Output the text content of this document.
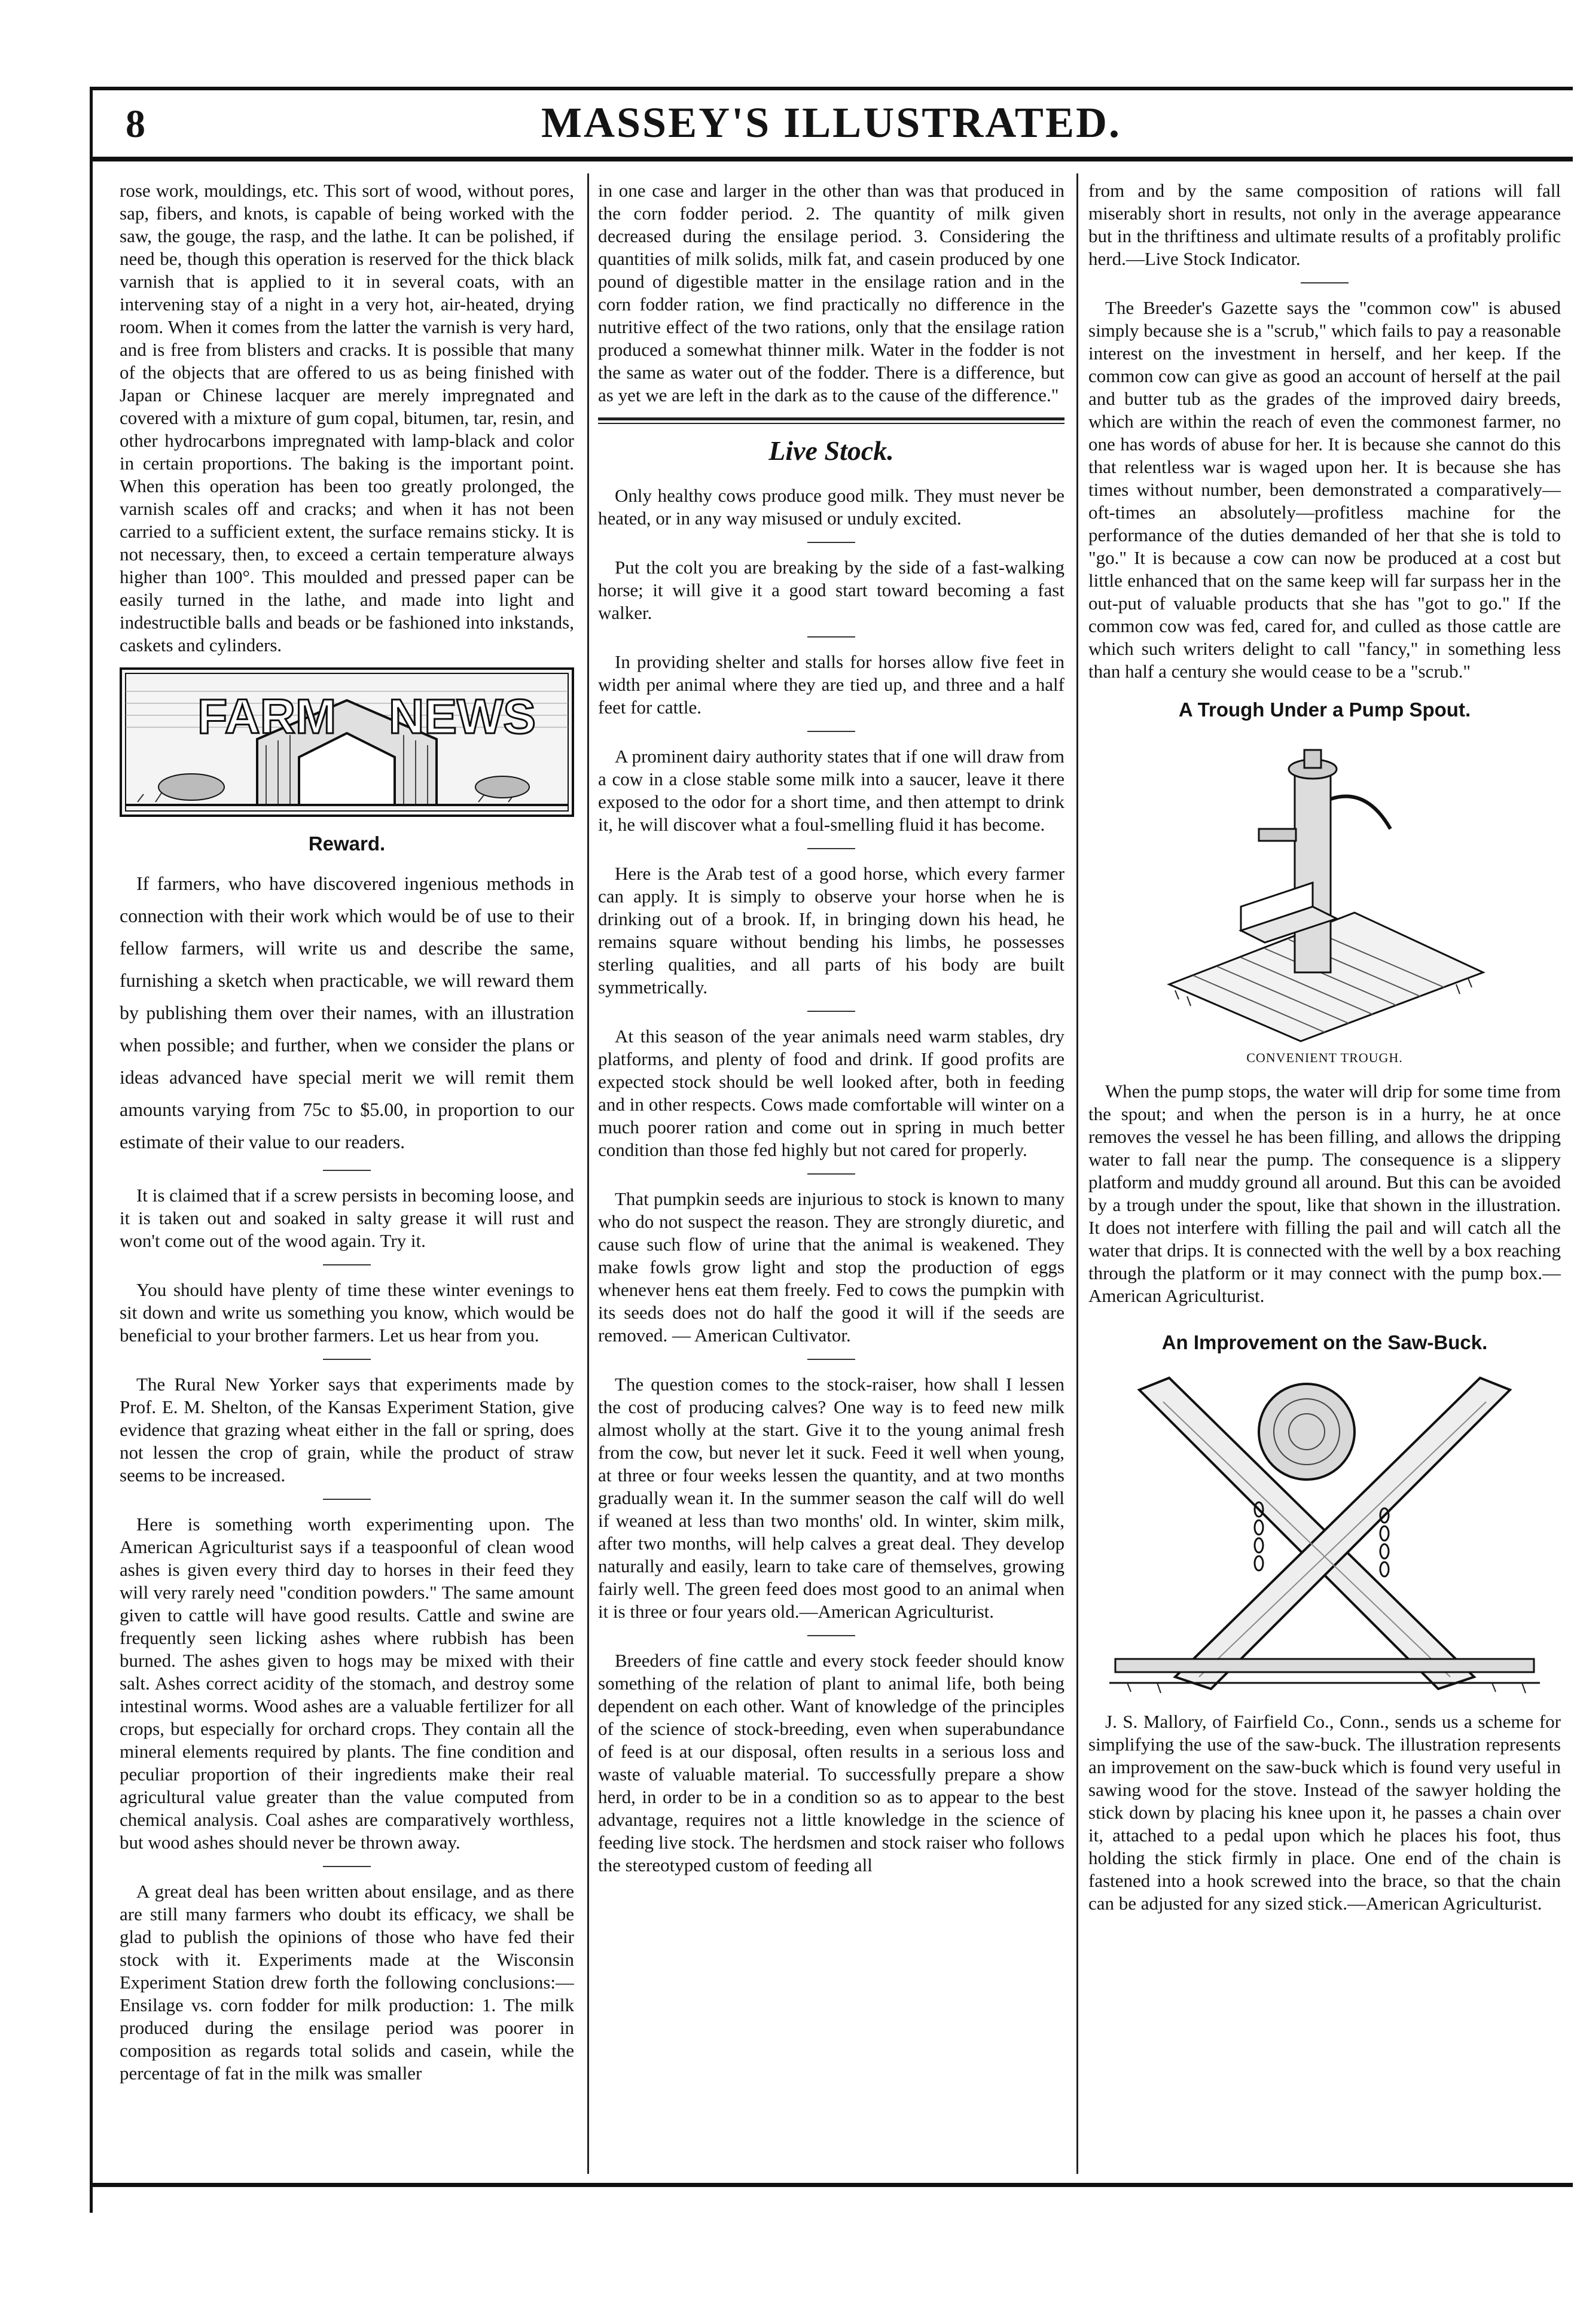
8	MASSEY'S ILLUSTRATED.

rose work, mouldings, etc. This sort of wood, without pores, sap, fibers, and knots, is capable of being worked with the saw, the gouge, the rasp, and the lathe. It can be polished, if need be, though this operation is reserved for the thick black varnish that is applied to it in several coats, with an intervening stay of a night in a very hot, air-heated, drying room. When it comes from the latter the varnish is very hard, and is free from blisters and cracks. It is possible that many of the objects that are offered to us as being finished with Japan or Chinese lacquer are merely impregnated and covered with a mixture of gum copal, bitumen, tar, resin, and other hydrocarbons impregnated with lamp-black and color in certain proportions. The baking is the important point. When this operation has been too greatly prolonged, the varnish scales off and cracks; and when it has not been carried to a sufficient extent, the surface remains sticky. It is not necessary, then, to exceed a certain temperature always higher than 100°. This moulded and pressed paper can be easily turned in the lathe, and made into light and indestructible balls and beads or be fashioned into inkstands, caskets and cylinders.

FARM NEWS
Reward.

If farmers, who have discovered ingenious methods in connection with their work which would be of use to their fellow farmers, will write us and describe the same, furnishing a sketch when practicable, we will reward them by publishing them over their names, with an illustration when possible; and further, when we consider the plans or ideas advanced have special merit we will remit them amounts varying from 75c to $5.00, in proportion to our estimate of their value to our readers.

It is claimed that if a screw persists in becoming loose, and it is taken out and soaked in salty grease it will rust and won't come out of the wood again. Try it.

You should have plenty of time these winter evenings to sit down and write us something you know, which would be beneficial to your brother farmers. Let us hear from you.

The Rural New Yorker says that experiments made by Prof. E. M. Shelton, of the Kansas Experiment Station, give evidence that grazing wheat either in the fall or spring, does not lessen the crop of grain, while the product of straw seems to be increased.

Here is something worth experimenting upon. The American Agriculturist says if a teaspoonful of clean wood ashes is given every third day to horses in their feed they will very rarely need "condition powders." The same amount given to cattle will have good results. Cattle and swine are frequently seen licking ashes where rubbish has been burned. The ashes given to hogs may be mixed with their salt. Ashes correct acidity of the stomach, and destroy some intestinal worms. Wood ashes are a valuable fertilizer for all crops, but especially for orchard crops. They contain all the mineral elements required by plants. The fine condition and peculiar proportion of their ingredients make their real agricultural value greater than the value computed from chemical analysis. Coal ashes are comparatively worthless, but wood ashes should never be thrown away.

A great deal has been written about ensilage, and as there are still many farmers who doubt its efficacy, we shall be glad to publish the opinions of those who have fed their stock with it. Experiments made at the Wisconsin Experiment Station drew forth the following conclusions:—Ensilage vs. corn fodder for milk production: 1. The milk produced during the ensilage period was poorer in composition as regards total solids and casein, while the percentage of fat in the milk was smaller

in one case and larger in the other than was that produced in the corn fodder period. 2. The quantity of milk given decreased during the ensilage period. 3. Considering the quantities of milk solids, milk fat, and casein produced by one pound of digestible matter in the ensilage ration and in the corn fodder ration, we find practically no difference in the nutritive effect of the two rations, only that the ensilage ration produced a somewhat thinner milk. Water in the fodder is not the same as water out of the fodder. There is a difference, but as yet we are left in the dark as to the cause of the difference."

Live Stock.

Only healthy cows produce good milk. They must never be heated, or in any way misused or unduly excited.

Put the colt you are breaking by the side of a fast-walking horse; it will give it a good start toward becoming a fast walker.

In providing shelter and stalls for horses allow five feet in width per animal where they are tied up, and three and a half feet for cattle.

A prominent dairy authority states that if one will draw from a cow in a close stable some milk into a saucer, leave it there exposed to the odor for a short time, and then attempt to drink it, he will discover what a foul-smelling fluid it has become.

Here is the Arab test of a good horse, which every farmer can apply. It is simply to observe your horse when he is drinking out of a brook. If, in bringing down his head, he remains square without bending his limbs, he possesses sterling qualities, and all parts of his body are built symmetrically.

At this season of the year animals need warm stables, dry platforms, and plenty of food and drink. If good profits are expected stock should be well looked after, both in feeding and in other respects. Cows made comfortable will winter on a much poorer ration and come out in spring in much better condition than those fed highly but not cared for properly.

That pumpkin seeds are injurious to stock is known to many who do not suspect the reason. They are strongly diuretic, and cause such flow of urine that the animal is weakened. They make fowls grow light and stop the production of eggs whenever hens eat them freely. Fed to cows the pumpkin with its seeds does not do half the good it will if the seeds are removed. — American Cultivator.

The question comes to the stock-raiser, how shall I lessen the cost of producing calves? One way is to feed new milk almost wholly at the start. Give it to the young animal fresh from the cow, but never let it suck. Feed it well when young, at three or four weeks lessen the quantity, and at two months gradually wean it. In the summer season the calf will do well if weaned at less than two months' old. In winter, skim milk, after two months, will help calves a great deal. They develop naturally and easily, learn to take care of themselves, growing fairly well. The green feed does most good to an animal when it is three or four years old.—American Agriculturist.

Breeders of fine cattle and every stock feeder should know something of the relation of plant to animal life, both being dependent on each other. Want of knowledge of the principles of the science of stock-breeding, even when superabundance of feed is at our disposal, often results in a serious loss and waste of valuable material. To successfully prepare a show herd, in order to be in a condition so as to appear to the best advantage, requires not a little knowledge in the science of feeding live stock. The herdsmen and stock raiser who follows the stereotyped custom of feeding all

from and by the same composition of rations will fall miserably short in results, not only in the average appearance but in the thriftiness and ultimate results of a profitably prolific herd.—Live Stock Indicator.

The Breeder's Gazette says the "common cow" is abused simply because she is a "scrub," which fails to pay a reasonable interest on the investment in herself, and her keep. If the common cow can give as good an account of herself at the pail and butter tub as the grades of the improved dairy breeds, which are within the reach of even the commonest farmer, no one has words of abuse for her. It is because she cannot do this that relentless war is waged upon her. It is because she has times without number, been demonstrated a comparatively—oft-times an absolutely—profitless machine for the performance of the duties demanded of her that she is told to "go." It is because a cow can now be produced at a cost but little enhanced that on the same keep will far surpass her in the out-put of valuable products that she has "got to go." If the common cow was fed, cared for, and culled as those cattle are which such writers delight to call "fancy," in something less than half a century she would cease to be a "scrub."

A Trough Under a Pump Spout.
CONVENIENT TROUGH.

When the pump stops, the water will drip for some time from the spout; and when the person is in a hurry, he at once removes the vessel he has been filling, and allows the dripping water to fall near the pump. The consequence is a slippery platform and muddy ground all around. But this can be avoided by a trough under the spout, like that shown in the illustration. It does not interfere with filling the pail and will catch all the water that drips. It is connected with the well by a box reaching through the platform or it may connect with the pump box.—American Agriculturist.

An Improvement on the Saw-Buck.

J. S. Mallory, of Fairfield Co., Conn., sends us a scheme for simplifying the use of the saw-buck. The illustration represents an improvement on the saw-buck which is found very useful in sawing wood for the stove. Instead of the sawyer holding the stick down by placing his knee upon it, he passes a chain over it, attached to a pedal upon which he places his foot, thus holding the stick firmly in place. One end of the chain is fastened into a hook screwed into the brace, so that the chain can be adjusted for any sized stick.—American Agriculturist.
